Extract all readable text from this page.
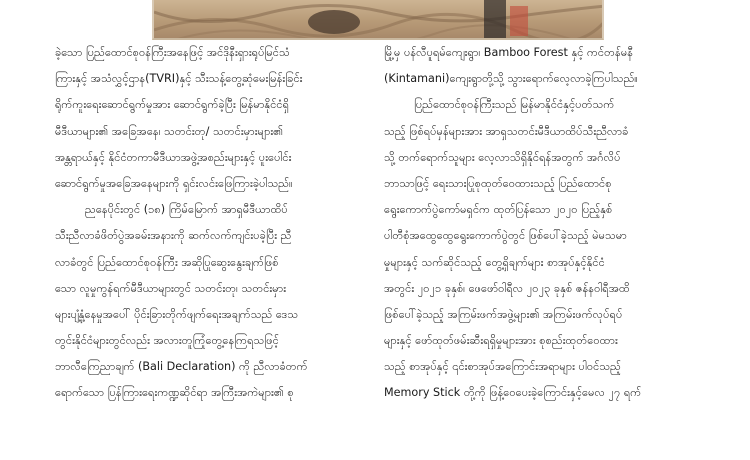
ခဲ့သော ပြည်ထောင်စုဝန်ကြီးအနေဖြင့် အင်ဒိုနီးရှားရုပ်မြင်သံ
ကြားနှင့် အသံလွှင့်ဌာန(TVRI)နှင့် သီးသန့်တွေ့ဆုံမေးမြန်းခြင်း
ရိုက်ကူးရေးဆောင်ရွက်မှုအား ဆောင်ရွက်ခဲ့ပြီး မြန်မာနိုင်ငံရှိ
မီဒီယာများ၏ အခြေအနေ၊ သတင်းတု/ သတင်းမှားများ၏
အန္တရာယ်နှင့် နိုင်ငံတကာမီဒီယာအဖွဲ့အစည်းများနှင့် ပူးပေါင်း
ဆောင်ရွက်မှုအခြေအနေများကို ရှင်းလင်းဖြေကြားခဲ့ပါသည်။
ညနေပိုင်းတွင် (၁၈) ကြိမ်မြောက် အာရှမီဒီယာထိပ်
သီးညီလာခံဖိတ်ပွဲအခမ်းအနားကို ဆက်လက်ကျင်းပခဲ့ပြီး ညီ
လာခံတွင် ပြည်ထောင်စုဝန်ကြီး အဆိုပြုဆွေးနွေးချက်ဖြစ်
သော လူမှုကွန်ရက်မီဒီယာများတွင် သတင်းတု၊ သတင်းမှား
များပျံ့နှံ့နေမှုအပေါ် ပိုင်းခြားတိုက်ဖျက်ရေးအချက်သည် ဒေသ
တွင်းနိုင်ငံများတွင်လည်း အလားတူကြုံတွေ့နေကြရသဖြင့်
ဘာလီကြေညာချက် (Bali Declaration) ကို ညီလာခံတက်
ရောက်သော ပြန်ကြားရေးကဏ္ဍဆိုင်ရာ အကြီးအကဲများ၏ စု
မြို့မှ ပန်လီပူရမ်ကျေးရွာ၊ Bamboo Forest နှင့် ကင်တန်မနီ
(Kintamani)ကျေးရွာတို့သို့ သွားရောက်လေ့လာခဲ့ကြပါသည်။
ပြည်ထောင်စုဝန်ကြီးသည် မြန်မာနိုင်ငံနှင့်ပတ်သက်
သည့် ဖြစ်ရပ်မှန်များအား အာရှသတင်းမီဒီယာထိပ်သီးညီလာခံ
သို့ တက်ရောက်သူများ လေ့လာသိရှိနိုင်ရန်အတွက် အင်္ဂလိပ်
ဘာသာဖြင့် ရေးသားပြုစုထုတ်ဝေထားသည့် ပြည်ထောင်စု
ရွေးကောက်ပွဲကော်မရှင်က ထုတ်ပြန်သော ၂၀၂၀ ပြည့်နှစ်
ပါတီစုံအထွေထွေရွေးကောက်ပွဲတွင် ဖြစ်ပေါ်ခဲ့သည့် မဲမသမာ
မှုများနှင့် သက်ဆိုင်သည့် တွေ့ရှိချက်များ စာအုပ်နှင့်နိုင်ငံ
အတွင်း ၂၀၂၁ ခုနှစ်၊ ဖေဖော်ဝါရီလ ၂၀၂၃ ခုနှစ် ဇန်နဝါရီအထိ
ဖြစ်ပေါ်ခဲ့သည့် အကြမ်းဖက်အဖွဲ့များ၏ အကြမ်းဖက်လုပ်ရပ်
များနှင့် ဖော်ထုတ်ဖမ်းဆီးရရှိမှုများအား စုစည်းထုတ်ဝေထား
သည့် စာအုပ်နှင့် ၎င်းစာအုပ်အကြောင်းအရာများ ပါဝင်သည့်
Memory Stick တို့ကို ဖြန့်ဝေပေးခဲ့ကြောင်းနှင့်မေလ ၂၇ ရက်
